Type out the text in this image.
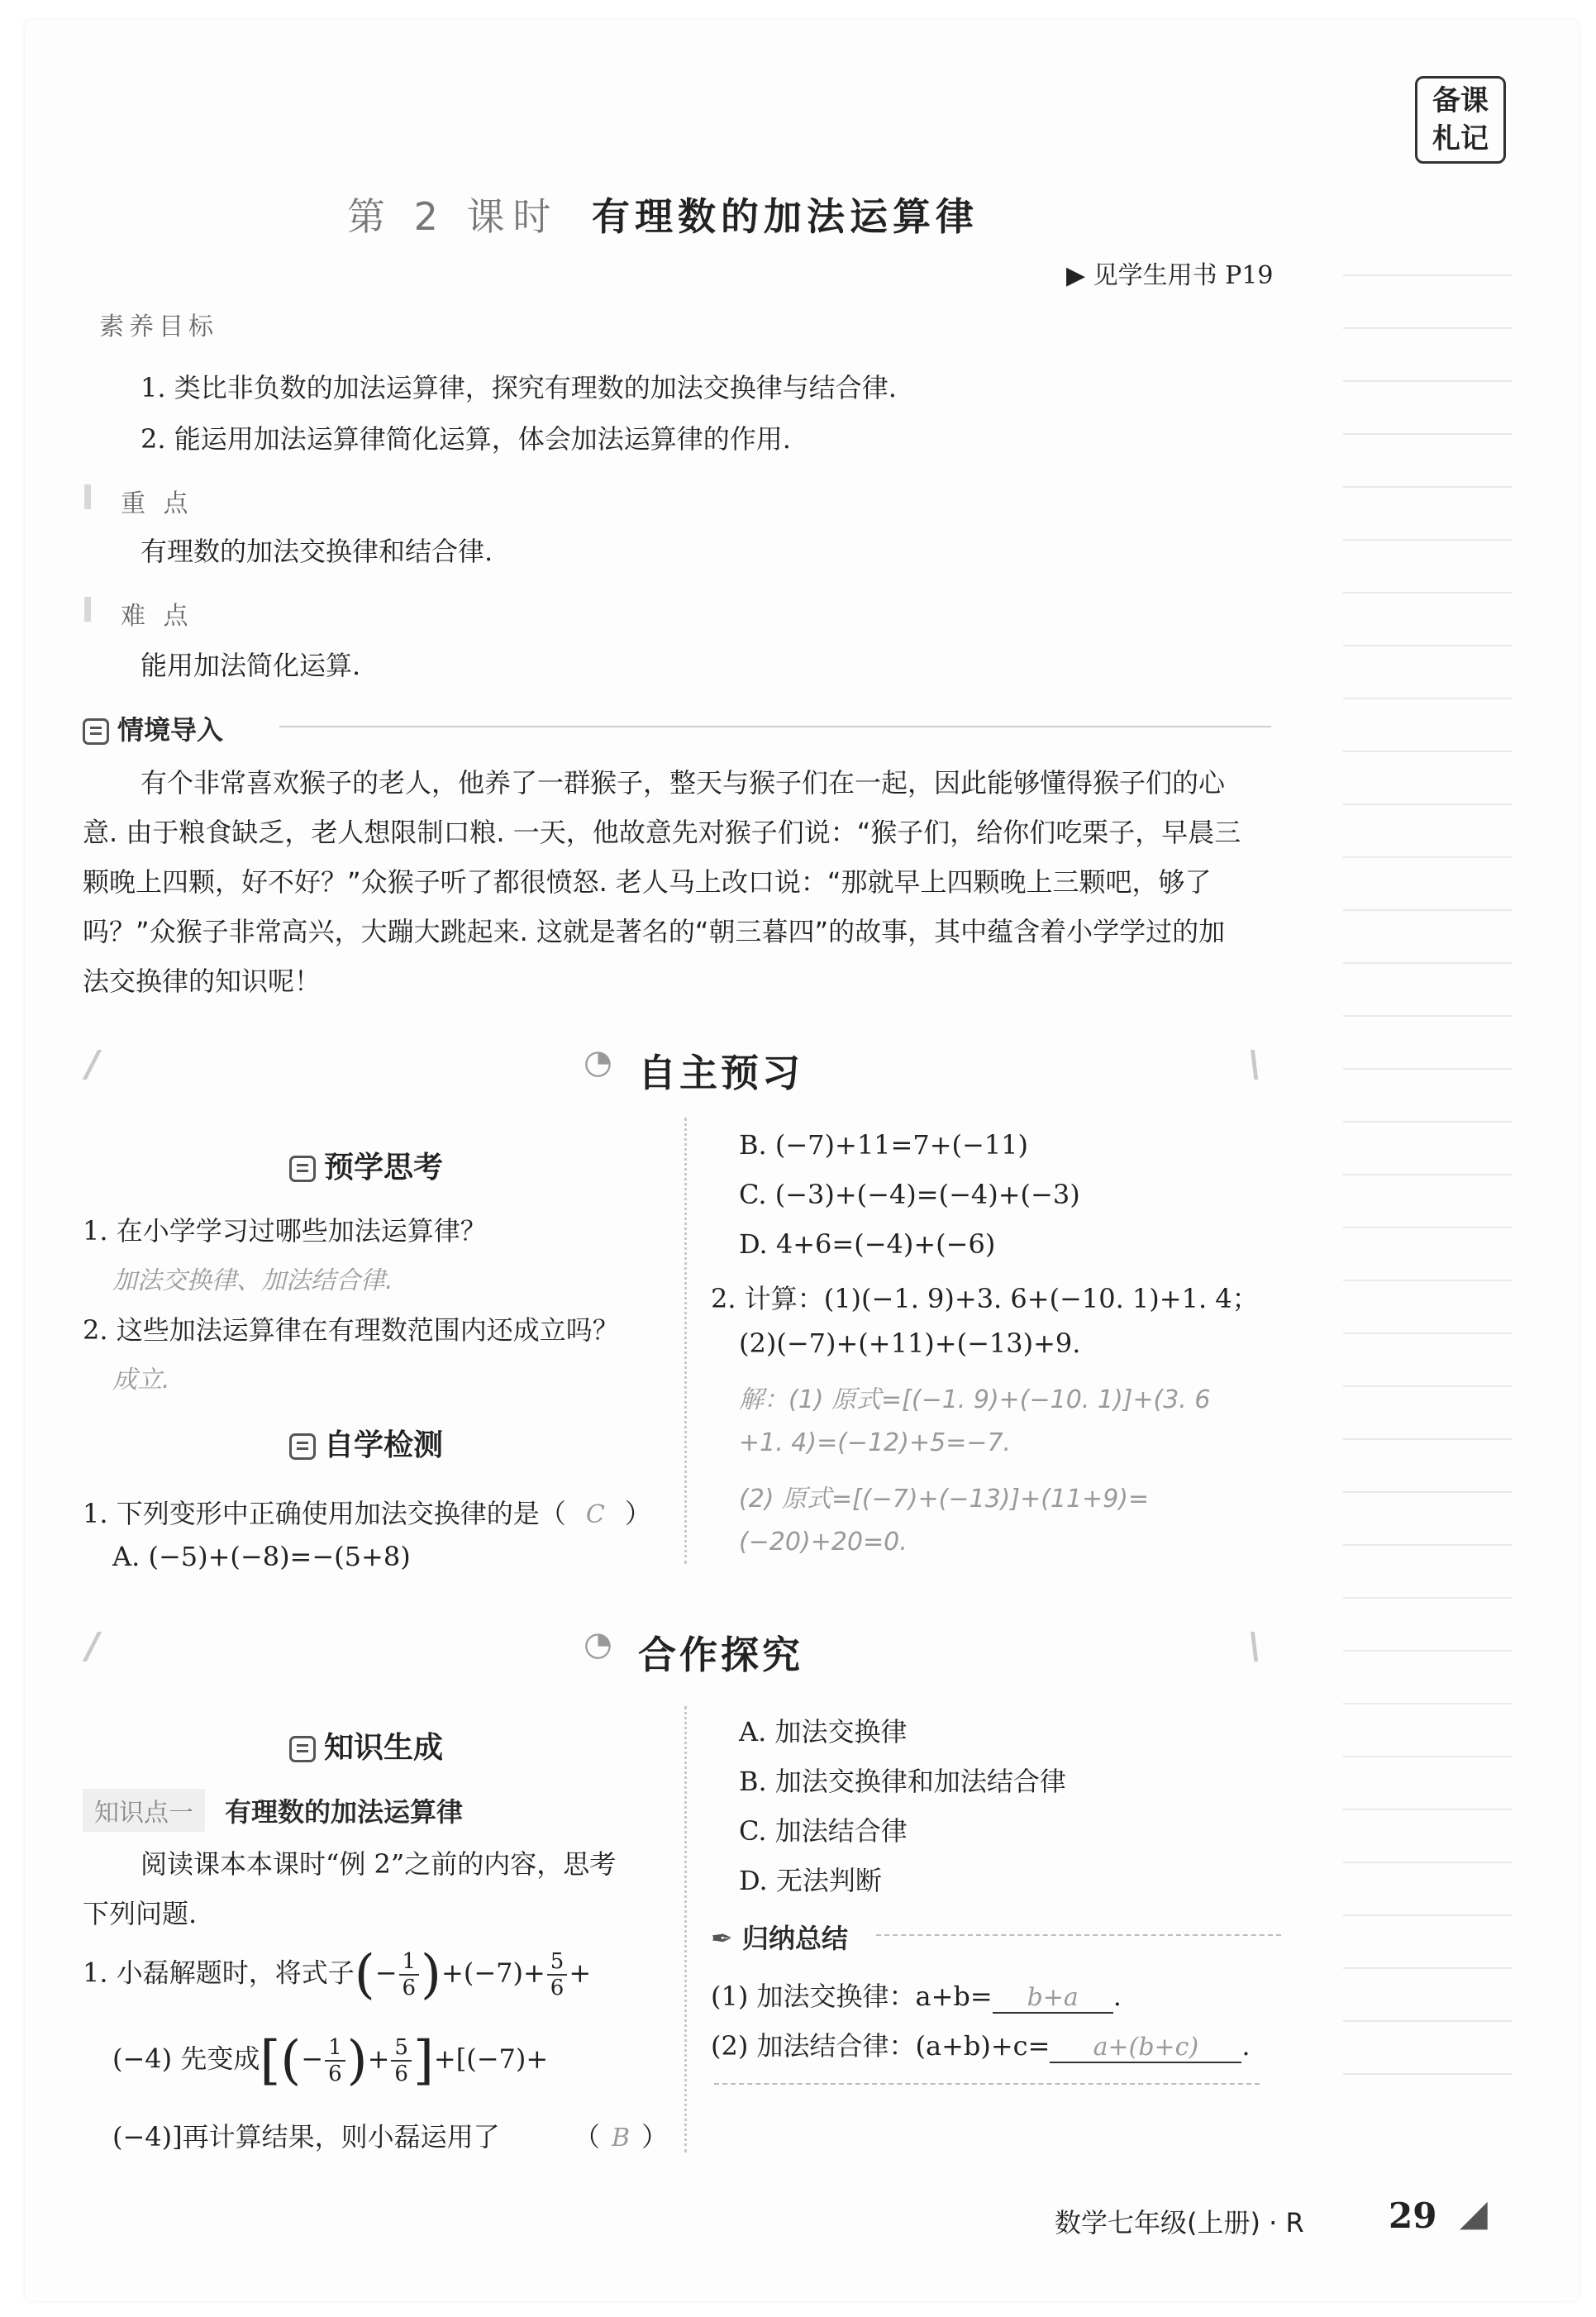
备课
札记
第 2 课时 有理数的加法运算律
▶ 见学生用书 P19
素养目标
1. 类比非负数的加法运算律，探究有理数的加法交换律与结合律.
2. 能运用加法运算律简化运算，体会加法运算律的作用.
重 点
有理数的加法交换律和结合律.
难 点
能用加法简化运算.
情境导入
有个非常喜欢猴子的老人，他养了一群猴子，整天与猴子们在一起，因此能够懂得猴子们的心
意. 由于粮食缺乏，老人想限制口粮. 一天，他故意先对猴子们说：“猴子们，给你们吃栗子，早晨三
颗晚上四颗，好不好？”众猴子听了都很愤怒. 老人马上改口说：“那就早上四颗晚上三颗吧，够了
吗？”众猴子非常高兴，大蹦大跳起来. 这就是著名的“朝三暮四”的故事，其中蕴含着小学学过的加
法交换律的知识呢！
/	\
◔ 自主预习
预学思考
1. 在小学学习过哪些加法运算律？
加法交换律、加法结合律.
2. 这些加法运算律在有理数范围内还成立吗？
成立.
自学检测
1. 下列变形中正确使用加法交换律的是（ C ）
A. (−5)+(−8)=−(5+8)
B. (−7)+11=7+(−11)
C. (−3)+(−4)=(−4)+(−3)
D. 4+6=(−4)+(−6)
2. 计算：(1)(−1. 9)+3. 6+(−10. 1)+1. 4；
(2)(−7)+(+11)+(−13)+9.
解：(1) 原式=[(−1. 9)+(−10. 1)]+(3. 6
+1. 4)=(−12)+5=−7.
(2) 原式=[(−7)+(−13)]+(11+9)=
(−20)+20=0.
/	\
◔ 合作探究
知识生成
知识点一 有理数的加法运算律
阅读课本本课时“例 2”之前的内容，思考
下列问题.
1. 小磊解题时，将式子(− $\frac{1}{6} )+(-7)+ \frac{5}{6}$ +
(−4) 先变成[(− $\frac{1}{6}$ )+ $\frac{5}{6} ]+[(-7)+$
(−4)]再计算结果，则小磊运用了	（ B ）
A. 加法交换律
B. 加法交换律和加法结合律
C. 加法结合律
D. 无法判断
✒ 归纳总结
(1) 加法交换律：a+b= b+a .
(2) 加法结合律：(a+b)+c= a+(b+c) .
数学七年级(上册) · R 29 ◢
